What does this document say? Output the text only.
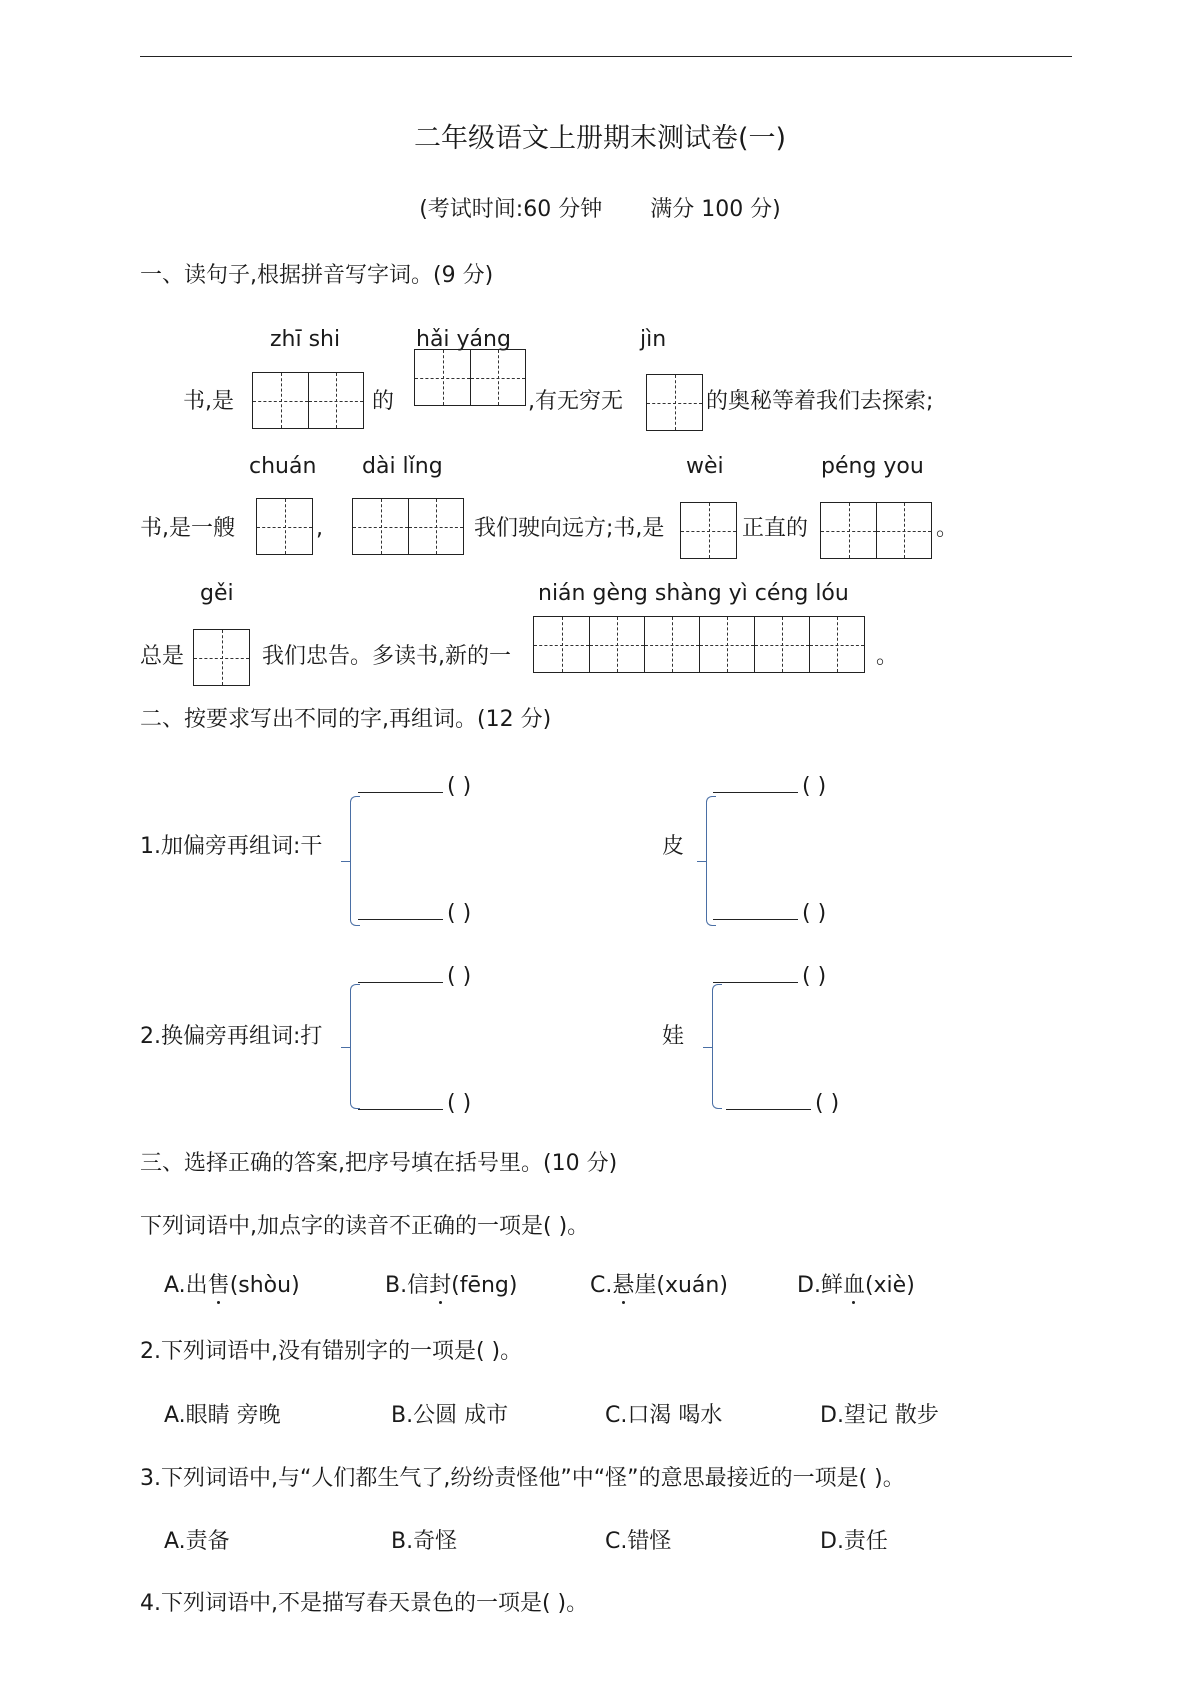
二年级语文上册期末测试卷(一)
(考试时间:60 分钟 满分 100 分)
一、读句子,根据拼音写字词。(9 分)
zhī shi	hǎi yáng	jìn
书,是	的	,有无穷无	的奥秘等着我们去探索;
chuán dài lǐng	wèi	péng you
书,是一艘	,	我们驶向远方;书,是	正直的	。
gěi	nián gèng shàng yì céng lóu
总是	我们忠告。多读书,新的一	。
二、按要求写出不同的字,再组词。(12 分)
( )
1.加偏旁再组词:干
( )
( )
皮
( )
( )
2.换偏旁再组词:打
( )
( )
娃
( )
三、选择正确的答案,把序号填在括号里。(10 分)
下列词语中,加点字的读音不正确的一项是( )。
A.出售(shòu)	B.信封(fēng)	C.悬崖(xuán)	D.鲜血(xiè)
2.下列词语中,没有错别字的一项是( )。
A.眼睛 旁晚	B.公圆 成市	C.口渴 喝水	D.望记 散步
3.下列词语中,与“人们都生气了,纷纷责怪他”中“怪”的意思最接近的一项是( )。
A.责备	B.奇怪	C.错怪	D.责任
4.下列词语中,不是描写春天景色的一项是( )。
